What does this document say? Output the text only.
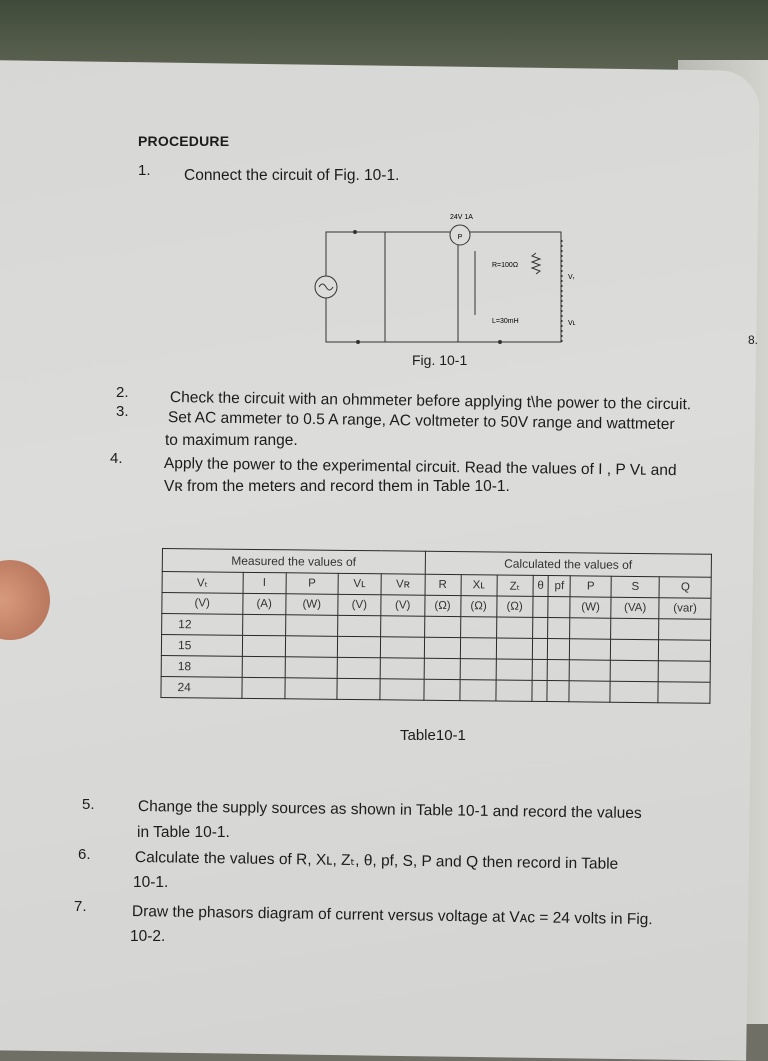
PROCEDURE
1. Connect the circuit of Fig. 10-1.
P
24V 1A
R=100Ω
L=30mH
Vᵣ
Vʟ
Fig. 10-1
8.
2.	Check the circuit with an ohmmeter before applying t\he power to the circuit.
3.	Set AC ammeter to 0.5 A range, AC voltmeter to 50V range and wattmeter
to maximum range.
4.	Apply the power to the experimental circuit. Read the values of I , P Vʟ and
Vʀ from the meters and record them in Table 10-1.
Measured the values of					Calculated the values of							
Vₜ	I	P	Vʟ	Vʀ	R	Xʟ	Zₜ	θ	pf	P	S	Q
(V)	(A)	(W)	(V)	(V)	(Ω)	(Ω)	(Ω)			(W)	(VA)	(var)
12												
15												
18												
24												
Table10-1
5.	Change the supply sources as shown in Table 10-1 and record the values
in Table 10-1.
6.	Calculate the values of R, Xʟ, Zₜ, θ, pf, S, P and Q then record in Table
10-1.
7.	Draw the phasors diagram of current versus voltage at Vᴀᴄ = 24 volts in Fig.
10-2.
